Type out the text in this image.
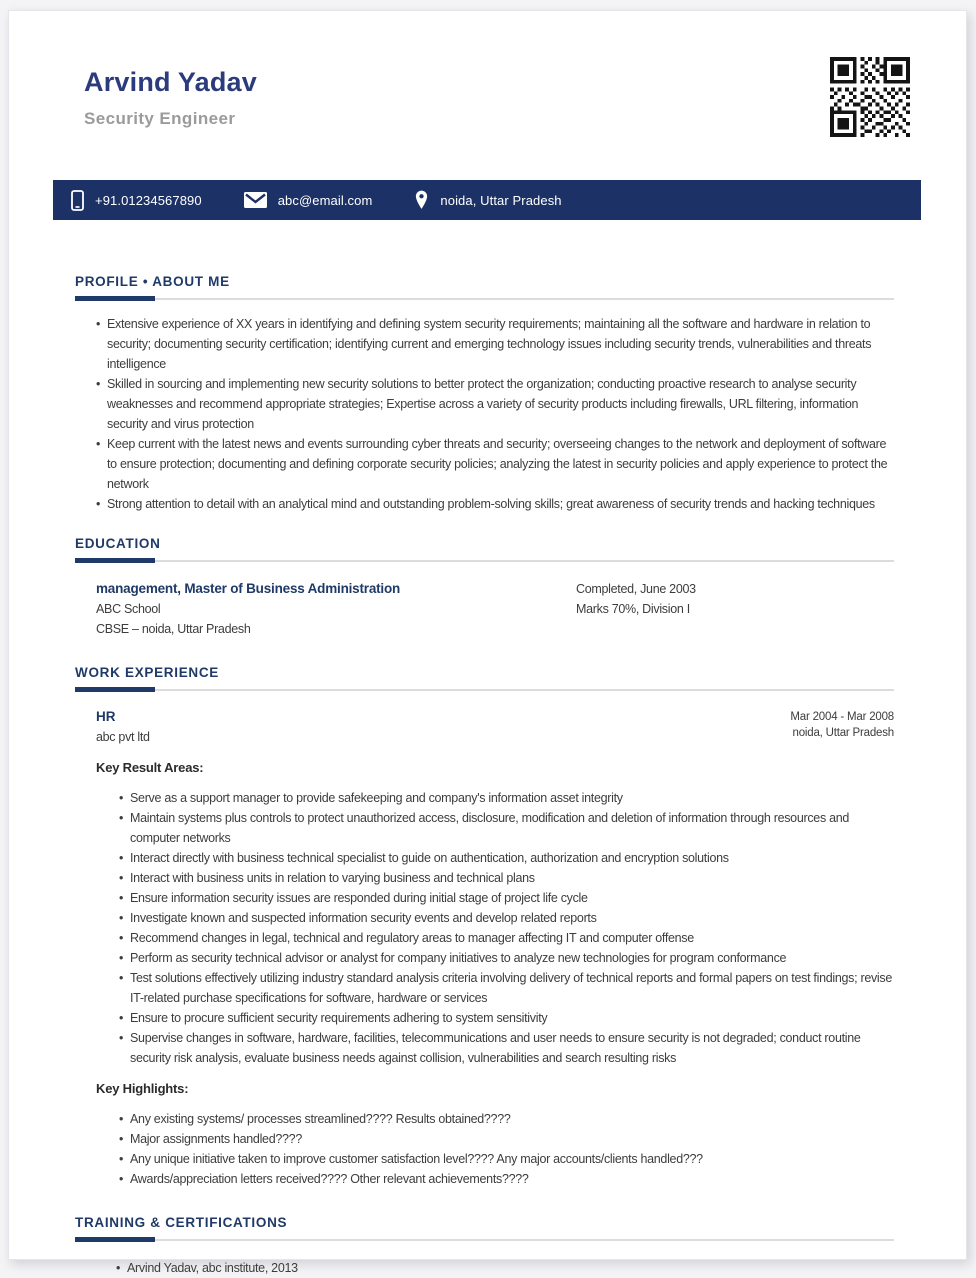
Arvind Yadav
Security Engineer
+91.01234567890	abc@email.com	noida, Uttar Pradesh
PROFILE • ABOUT ME
• Extensive experience of XX years in identifying and defining system security requirements; maintaining all the software and hardware in relation to security; documenting security certification; identifying current and emerging technology issues including security trends, vulnerabilities and threats intelligence
• Skilled in sourcing and implementing new security solutions to better protect the organization; conducting proactive research to analyse security weaknesses and recommend appropriate strategies; Expertise across a variety of security products including firewalls, URL filtering, information security and virus protection
• Keep current with the latest news and events surrounding cyber threats and security; overseeing changes to the network and deployment of software to ensure protection; documenting and defining corporate security policies; analyzing the latest in security policies and apply experience to protect the network
• Strong attention to detail with an analytical mind and outstanding problem-solving skills; great awareness of security trends and hacking techniques
EDUCATION
management, Master of Business Administration
ABC School
CBSE – noida, Uttar Pradesh
Completed, June 2003
Marks 70%, Division I
WORK EXPERIENCE
HR
abc pvt ltd
Mar 2004 - Mar 2008
noida, Uttar Pradesh
Key Result Areas:
• Serve as a support manager to provide safekeeping and company's information asset integrity
• Maintain systems plus controls to protect unauthorized access, disclosure, modification and deletion of information through resources and computer networks
• Interact directly with business technical specialist to guide on authentication, authorization and encryption solutions
• Interact with business units in relation to varying business and technical plans
• Ensure information security issues are responded during initial stage of project life cycle
• Investigate known and suspected information security events and develop related reports
• Recommend changes in legal, technical and regulatory areas to manager affecting IT and computer offense
• Perform as security technical advisor or analyst for company initiatives to analyze new technologies for program conformance
• Test solutions effectively utilizing industry standard analysis criteria involving delivery of technical reports and formal papers on test findings; revise IT-related purchase specifications for software, hardware or services
• Ensure to procure sufficient security requirements adhering to system sensitivity
• Supervise changes in software, hardware, facilities, telecommunications and user needs to ensure security is not degraded; conduct routine security risk analysis, evaluate business needs against collision, vulnerabilities and search resulting risks
Key Highlights:
• Any existing systems/ processes streamlined???? Results obtained????
• Major assignments handled????
• Any unique initiative taken to improve customer satisfaction level???? Any major accounts/clients handled???
• Awards/appreciation letters received???? Other relevant achievements????
TRAINING & CERTIFICATIONS
• Arvind Yadav, abc institute, 2013
